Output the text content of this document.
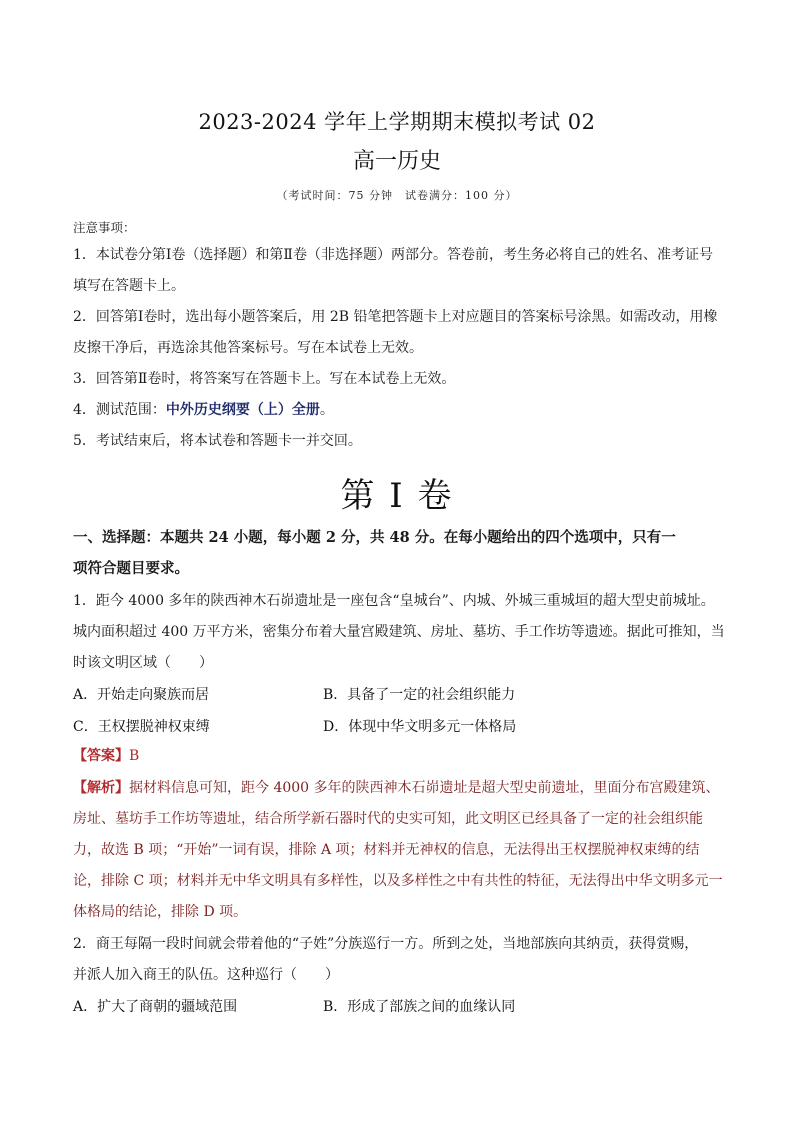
2023-2024 学年上学期期末模拟考试 02
高一历史
（考试时间：75 分钟　试卷满分：100 分）
注意事项：
1．本试卷分第Ⅰ卷（选择题）和第Ⅱ卷（非选择题）两部分。答卷前，考生务必将自己的姓名、准考证号
填写在答题卡上。
2．回答第Ⅰ卷时，选出每小题答案后，用 2B 铅笔把答题卡上对应题目的答案标号涂黑。如需改动，用橡
皮擦干净后，再选涂其他答案标号。写在本试卷上无效。
3．回答第Ⅱ卷时，将答案写在答题卡上。写在本试卷上无效。
4．测试范围：中外历史纲要（上）全册。
5．考试结束后，将本试卷和答题卡一并交回。
第 I 卷
一、选择题：本题共 24 小题，每小题 2 分，共 48 分。在每小题给出的四个选项中，只有一
项符合题目要求。
1．距今 4000 多年的陕西神木石峁遗址是一座包含“皇城台”、内城、外城三重城垣的超大型史前城址。
城内面积超过 400 万平方米，密集分布着大量宫殿建筑、房址、墓坊、手工作坊等遗迹。据此可推知，当
时该文明区域（　　）
A．开始走向聚族而居	B．具备了一定的社会组织能力
C．王权摆脱神权束缚	D．体现中华文明多元一体格局
【答案】B
【解析】据材料信息可知，距今 4000 多年的陕西神木石峁遗址是超大型史前遗址，里面分布宫殿建筑、
房址、墓坊手工作坊等遗址，结合所学新石器时代的史实可知，此文明区已经具备了一定的社会组织能
力，故选 B 项；“开始”一词有误，排除 A 项；材料并无神权的信息，无法得出王权摆脱神权束缚的结
论，排除 C 项；材料并无中华文明具有多样性，以及多样性之中有共性的特征，无法得出中华文明多元一
体格局的结论，排除 D 项。
2．商王每隔一段时间就会带着他的“子姓”分族巡行一方。所到之处，当地部族向其纳贡，获得赏赐，
并派人加入商王的队伍。这种巡行（　　）
A．扩大了商朝的疆域范围	B．形成了部族之间的血缘认同
